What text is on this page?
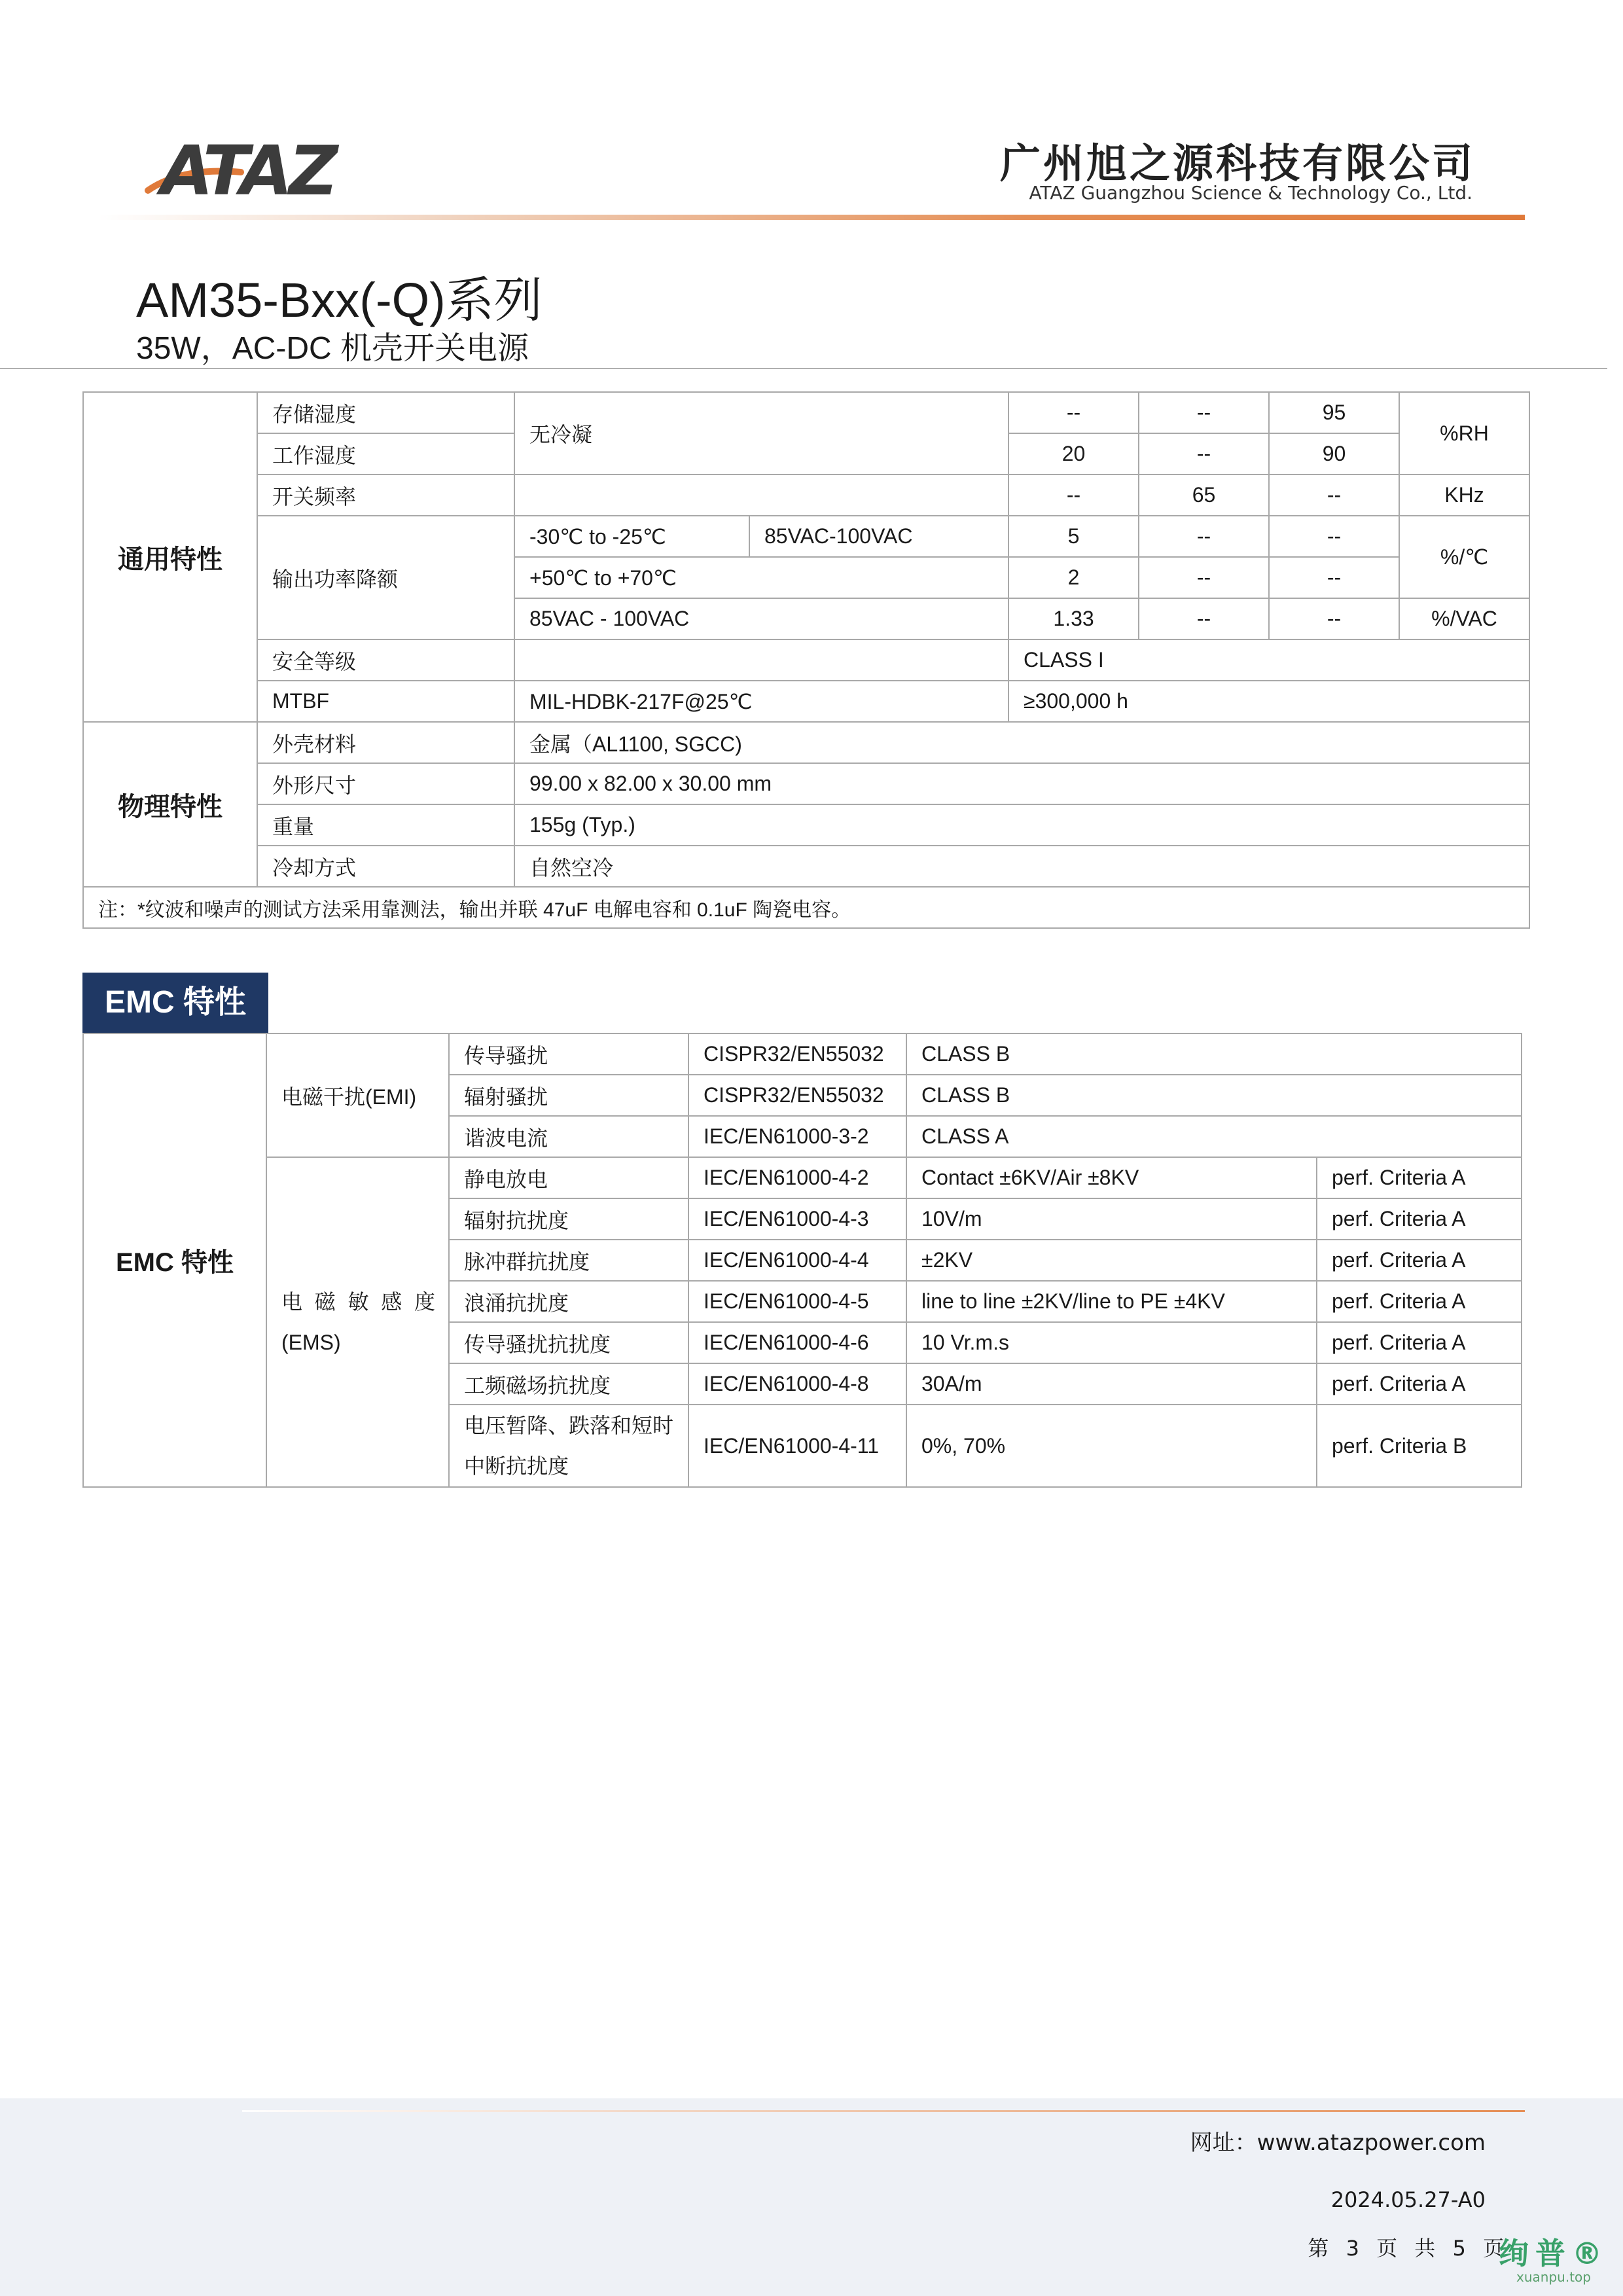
ATAZ	广州旭之源科技有限公司
ATAZ Guangzhou Science & Technology Co., Ltd.
AM35-Bxx(-Q)系列
35W，AC-DC 机壳开关电源
通用特性	存储湿度	无冷凝		--	--	95	%RH
	工作湿度			20	--	90	
	开关频率			--	65	--	KHz
	输出功率降额	-30℃ to -25℃	85VAC-100VAC	5	--	--	%/℃
		+50℃ to +70℃		2	--	--	
		85VAC - 100VAC		1.33	--	--	%/VAC
	安全等级			CLASS I			
	MTBF	MIL-HDBK-217F@25℃		≥300,000 h			
物理特性	外壳材料	金属（AL1100, SGCC)					
	外形尺寸	99.00 x 82.00 x 30.00 mm					
	重量	155g (Typ.)					
	冷却方式	自然空冷					
注：*纹波和噪声的测试方法采用靠测法，输出并联 47uF 电解电容和 0.1uF 陶瓷电容。							
EMC 特性
EMC 特性	电磁干扰(EMI)	传导骚扰	CISPR32/EN55032	CLASS B	
		辐射骚扰	CISPR32/EN55032	CLASS B	
		谐波电流	IEC/EN61000-3-2	CLASS A	
	电 磁 敏 感 度 (EMS)	静电放电	IEC/EN61000-4-2	Contact ±6KV/Air ±8KV	perf. Criteria A
		辐射抗扰度	IEC/EN61000-4-3	10V/m	perf. Criteria A
		脉冲群抗扰度	IEC/EN61000-4-4	±2KV	perf. Criteria A
		浪涌抗扰度	IEC/EN61000-4-5	line to line ±2KV/line to PE ±4KV	perf. Criteria A
		传导骚扰抗扰度	IEC/EN61000-4-6	10 Vr.m.s	perf. Criteria A
		工频磁场抗扰度	IEC/EN61000-4-8	30A/m	perf. Criteria A
		电压暂降、跌落和短时中断抗扰度	IEC/EN61000-4-11	0%, 70%	perf. Criteria B
网址：www.atazpower.com
2024.05.27-A0
第 3 页 共 5 页
绚普®
xuanpu.top
